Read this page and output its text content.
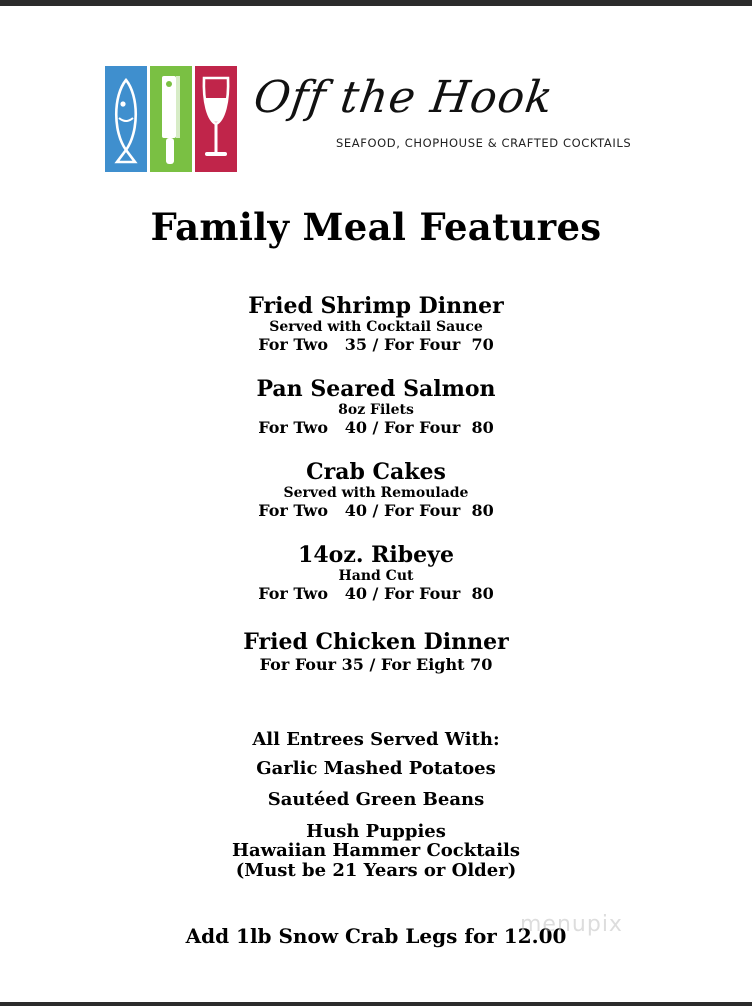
Off the Hook
SEAFOOD, CHOPHOUSE & CRAFTED COCKTAILS
Family Meal Features
Fried Shrimp Dinner
Served with Cocktail Sauce
For Two   35 / For Four  70
Pan Seared Salmon
8oz Filets
For Two   40 / For Four  80
Crab Cakes
Served with Remoulade
For Two   40 / For Four  80
14oz. Ribeye
Hand Cut
For Two   40 / For Four  80
Fried Chicken Dinner
For Four 35 / For Eight 70
All Entrees Served With:
Garlic Mashed Potatoes
Sautéed Green Beans
Hush Puppies
Hawaiian Hammer Cocktails
(Must be 21 Years or Older)
Add 1lb Snow Crab Legs for 12.00
menupix
